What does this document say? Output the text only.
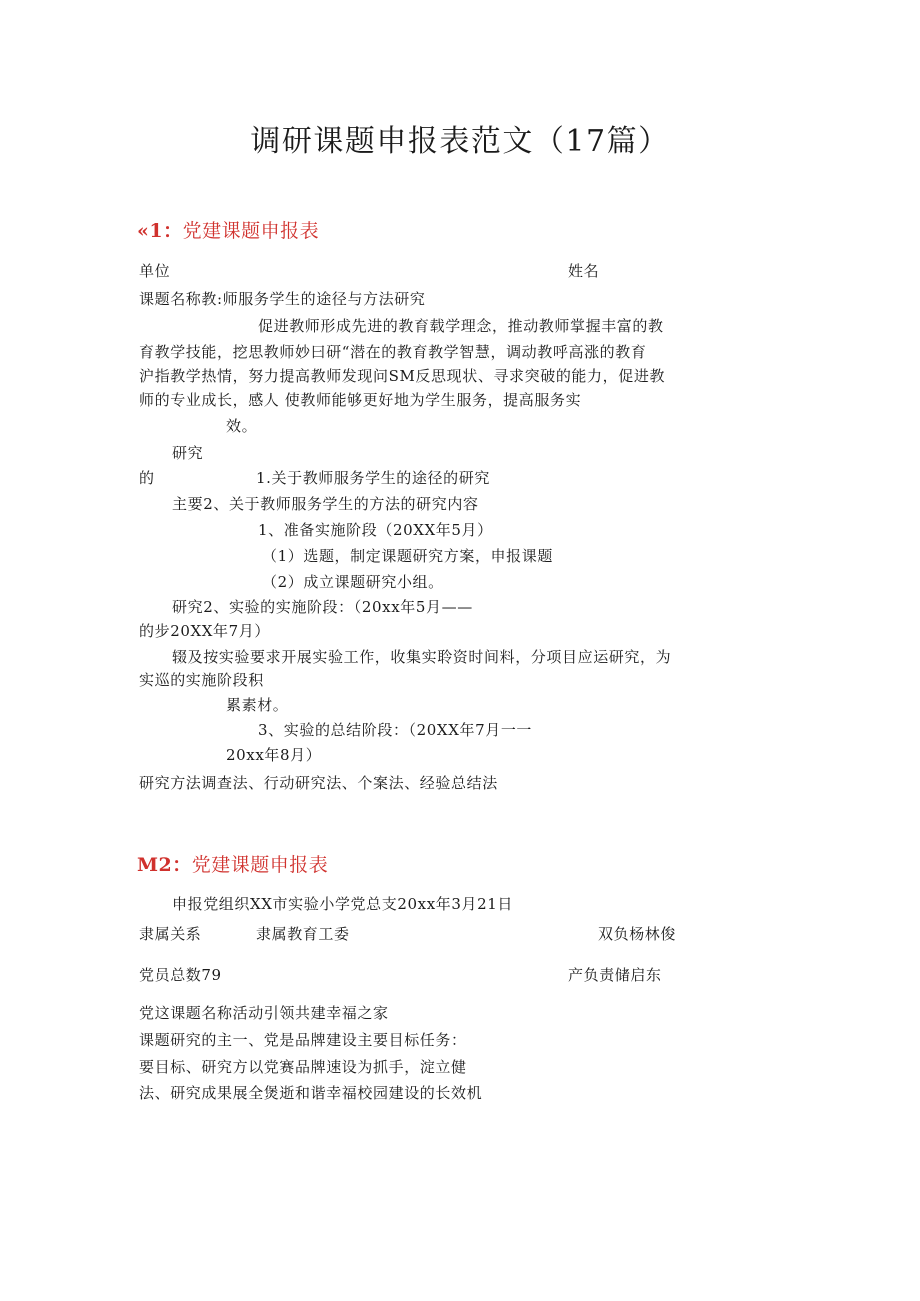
调研课题申报表范文（17篇）
«1：党建课题申报表
单位	姓名
课题名称教:师服务学生的途径与方法研究
促进教师形成先进的教育载学理念，推动教师掌握丰富的教
育教学技能，挖思教师妙曰研“潜在的教育教学智慧，调动教呼高涨的教育
沪指教学热情，努力提高教师发现问SM反思现状、寻求突破的能力，促进教
师的专业成长，感人 使教师能够更好地为学生服务，提高服务实
效。
研究
的	1.关于教师服务学生的途径的研究
主要2、关于教师服务学生的方法的研究内容
1、准备实施阶段（20XX年5月）
（1）选题，制定课题研究方案，申报课题
（2）成立课题研究小组。
研究2、实验的实施阶段：（20xx年5月——
的步20XX年7月）
辍及按实验要求开展实验工作，收集实聆资时间料，分项目应运研究，为
实巡的实施阶段积
累素材。
3、实验的总结阶段：（20XX年7月一一
20xx年8月）
研究方法调查法、行动研究法、个案法、经验总结法
M2：党建课题申报表
申报党组织XX市实验小学党总支20xx年3月21日
隶属关系	隶属教育工委	双负杨林俊
党员总数79	产负责储启东
党这课题名称活动引领共建幸福之家
课题研究的主一、党是品牌建设主要目标任务：
要目标、研究方以党赛品牌速设为抓手，淀立健
法、研究成果展全煲逝和谐幸福校园建设的长效机
